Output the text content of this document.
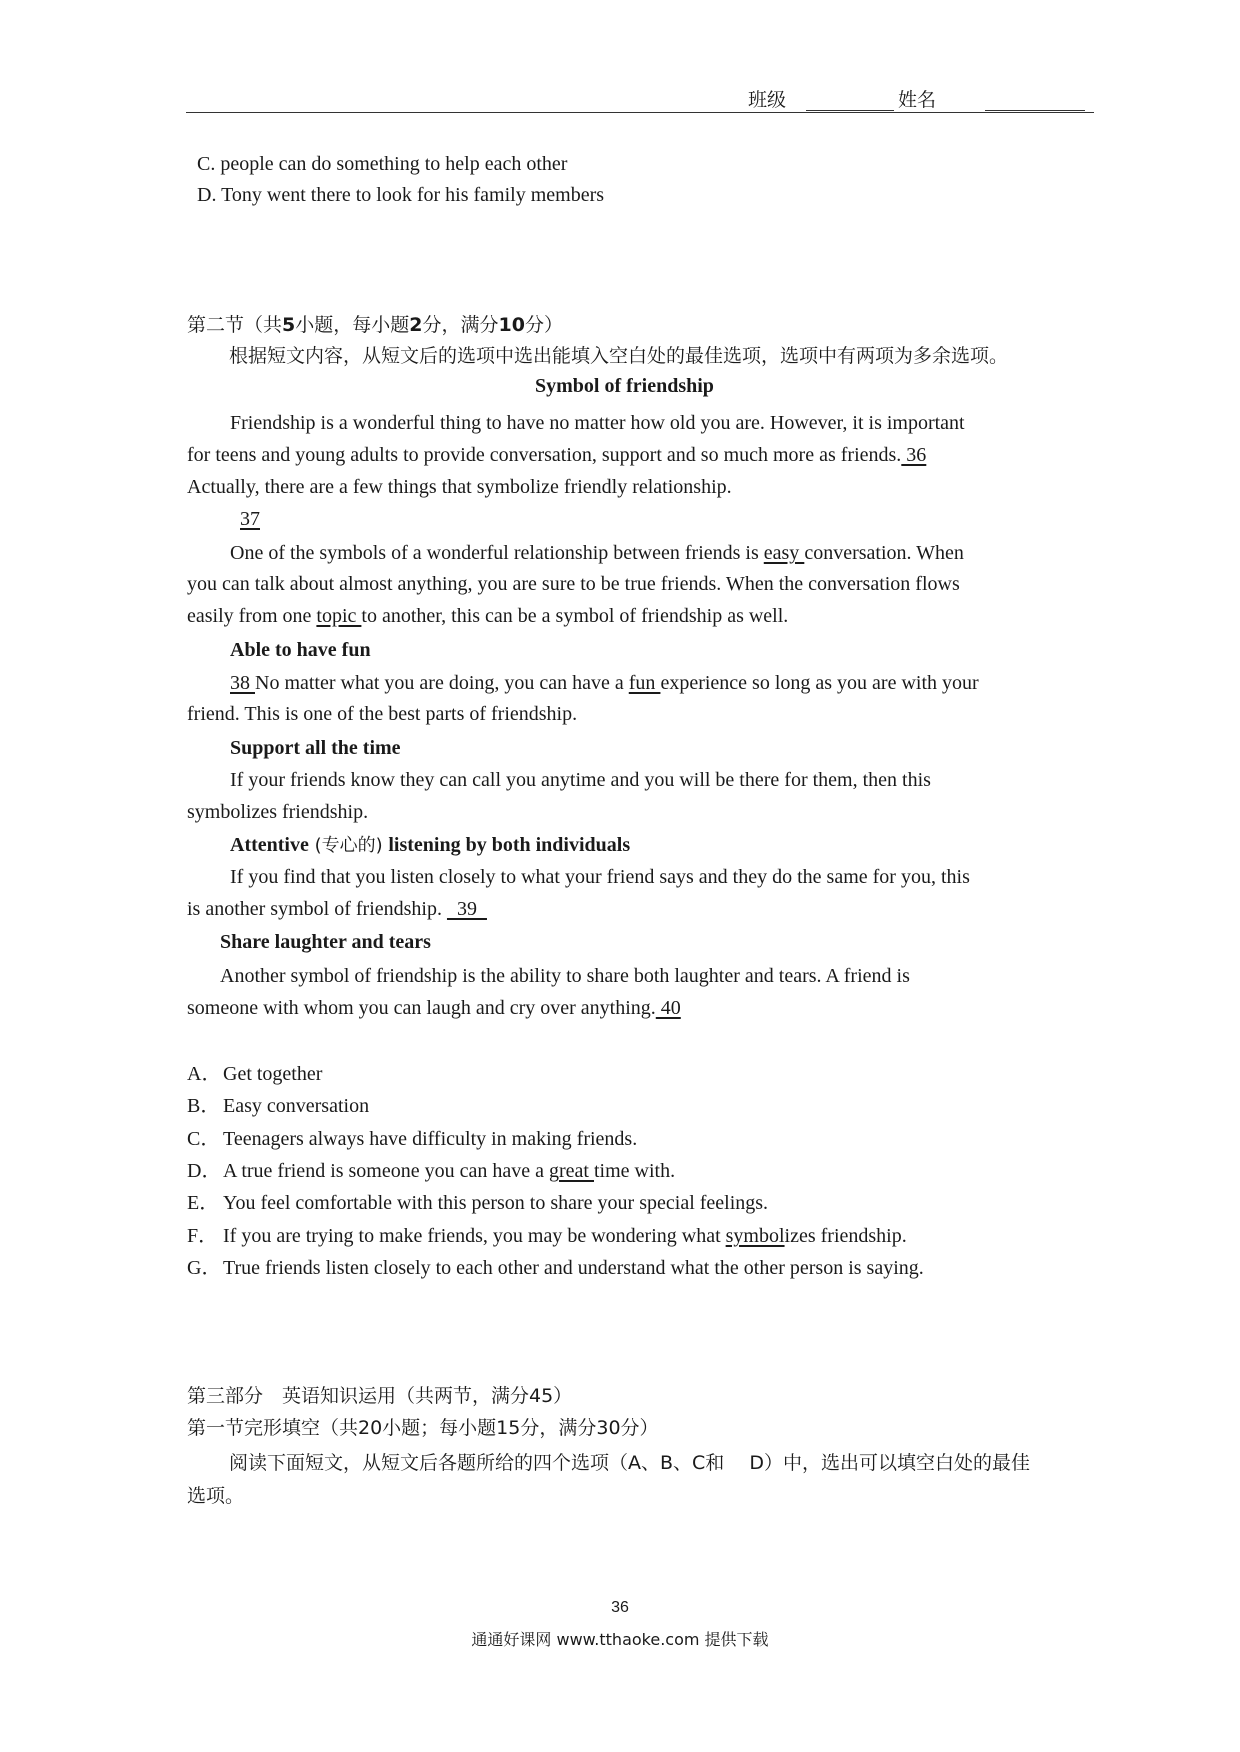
班级	姓名
C. people can do something to help each other
D. Tony went there to look for his family members
第二节（共5小题，每小题2分，满分10分）
根据短文内容，从短文后的选项中选出能填入空白处的最佳选项，选项中有两项为多余选项。
Symbol of friendship
Friendship is a wonderful thing to have no matter how old you are. However, it is important
for teens and young adults to provide conversation, support and so much more as friends. 36
Actually, there are a few things that symbolize friendly relationship.
37
One of the symbols of a wonderful relationship between friends is easy conversation. When
you can talk about almost anything, you are sure to be true friends. When the conversation flows
easily from one topic to another, this can be a symbol of friendship as well.
Able to have fun
38 No matter what you are doing, you can have a fun experience so long as you are with your
friend. This is one of the best parts of friendship.
Support all the time
If your friends know they can call you anytime and you will be there for them, then this
symbolizes friendship.
Attentive (专心的) listening by both individuals
If you find that you listen closely to what your friend says and they do the same for you, this
is another symbol of friendship.   39
Share laughter and tears
Another symbol of friendship is the ability to share both laughter and tears. A friend is
someone with whom you can laugh and cry over anything. 40
A．Get together
B． Easy conversation
C． Teenagers always have difficulty in making friends.
D．A true friend is someone you can have a great time with.
E． You feel comfortable with this person to share your special feelings.
F． If you are trying to make friends, you may be wondering what symbolizes friendship.
G．True friends listen closely to each other and understand what the other person is saying.
第三部分　英语知识运用（共两节，满分45）
第一节完形填空（共20小题；每小题15分，满分30分）
阅读下面短文，从短文后各题所给的四个选项（A、B、C和　 D）中，选出可以填空白处的最佳
选项。
36
通通好课网 www.tthaoke.com 提供下载
